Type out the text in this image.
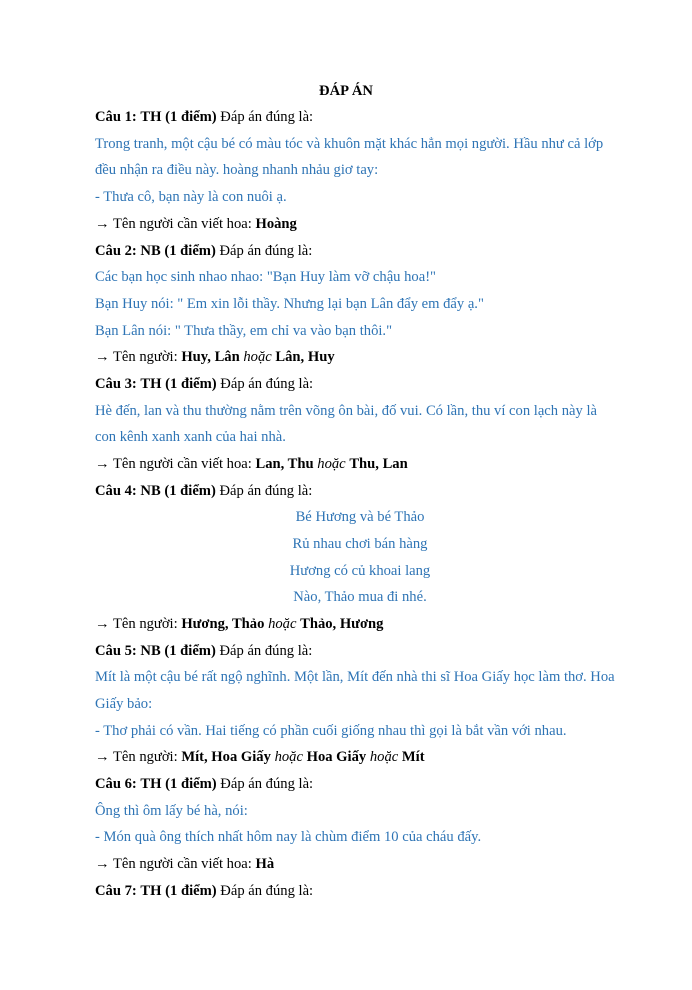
ĐÁP ÁN
Câu 1: TH (1 điểm) Đáp án đúng là:
Trong tranh, một cậu bé có màu tóc và khuôn mặt khác hẳn mọi người. Hầu như cả lớp
đều nhận ra điều này. hoàng nhanh nhảu giơ tay:
- Thưa cô, bạn này là con nuôi ạ.
→ Tên người cần viết hoa: Hoàng
Câu 2: NB (1 điểm) Đáp án đúng là:
Các bạn học sinh nhao nhao: "Bạn Huy làm vỡ chậu hoa!"
Bạn Huy nói: " Em xin lỗi thầy. Nhưng lại bạn Lân đẩy em đẩy ạ."
Bạn Lân nói: " Thưa thầy, em chỉ va vào bạn thôi."
→ Tên người: Huy, Lân hoặc Lân, Huy
Câu 3: TH (1 điểm) Đáp án đúng là:
Hè đến, lan và thu thường nằm trên võng ôn bài, đố vui. Có lần, thu ví con lạch này là
con kênh xanh xanh của hai nhà.
→ Tên người cần viết hoa: Lan, Thu hoặc Thu, Lan
Câu 4: NB (1 điểm) Đáp án đúng là:
Bé Hương và bé Thảo
Rủ nhau chơi bán hàng
Hương có củ khoai lang
Nào, Thảo mua đi nhé.
→ Tên người: Hương, Thảo hoặc Thảo, Hương
Câu 5: NB (1 điểm) Đáp án đúng là:
Mít là một cậu bé rất ngộ nghĩnh. Một lần, Mít đến nhà thi sĩ Hoa Giấy học làm thơ. Hoa
Giấy bảo:
- Thơ phải có vần. Hai tiếng có phần cuối giống nhau thì gọi là bắt vần với nhau.
→ Tên người: Mít, Hoa Giấy hoặc Hoa Giấy hoặc Mít
Câu 6: TH (1 điểm) Đáp án đúng là:
Ông thì ôm lấy bé hà, nói:
- Món quà ông thích nhất hôm nay là chùm điểm 10 của cháu đấy.
→ Tên người cần viết hoa: Hà
Câu 7: TH (1 điểm) Đáp án đúng là:
